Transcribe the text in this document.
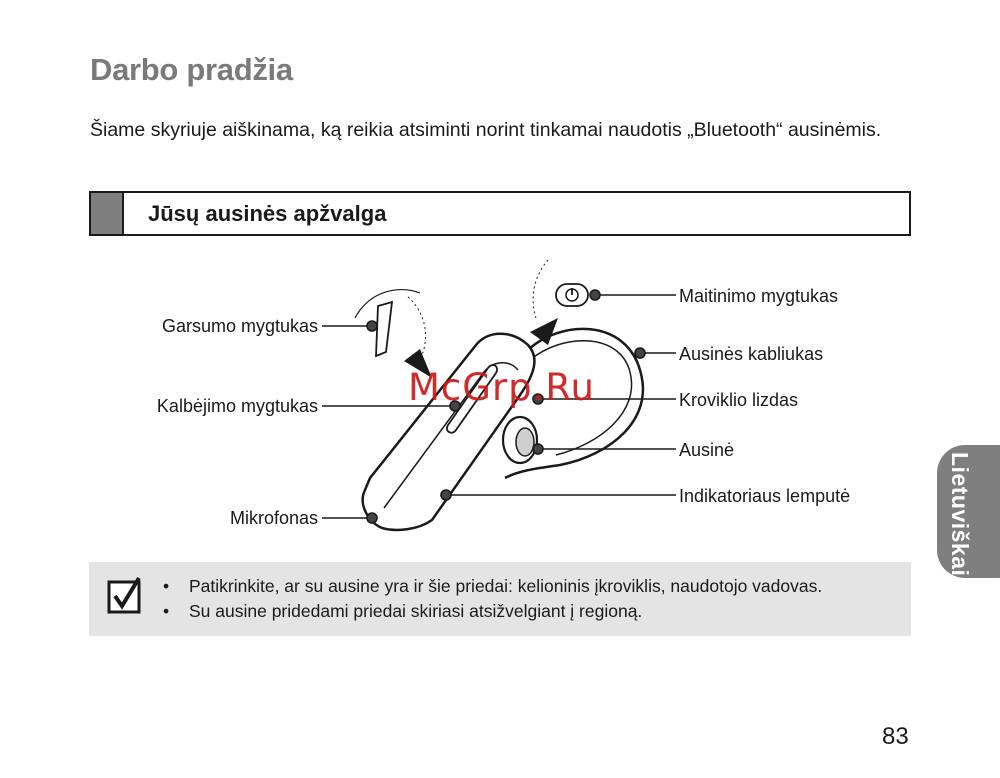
Darbo pradžia

Šiame skyriuje aiškinama, ką reikia atsiminti norint tinkamai naudotis „Bluetooth“ ausinėmis.

Jūsų ausinės apžvalga
Garsumo mygtukas
Kalbėjimo mygtukas
Mikrofonas
Maitinimo mygtukas
Ausinės kabliukas
Kroviklio lizdas
Ausinė
Indikatoriaus lemputė
McGrp.Ru
Lietuviškai
• Patikrinkite, ar su ausine yra ir šie priedai: kelioninis įkroviklis, naudotojo vadovas.
• Su ausine pridedami priedai skiriasi atsižvelgiant į regioną.
83
